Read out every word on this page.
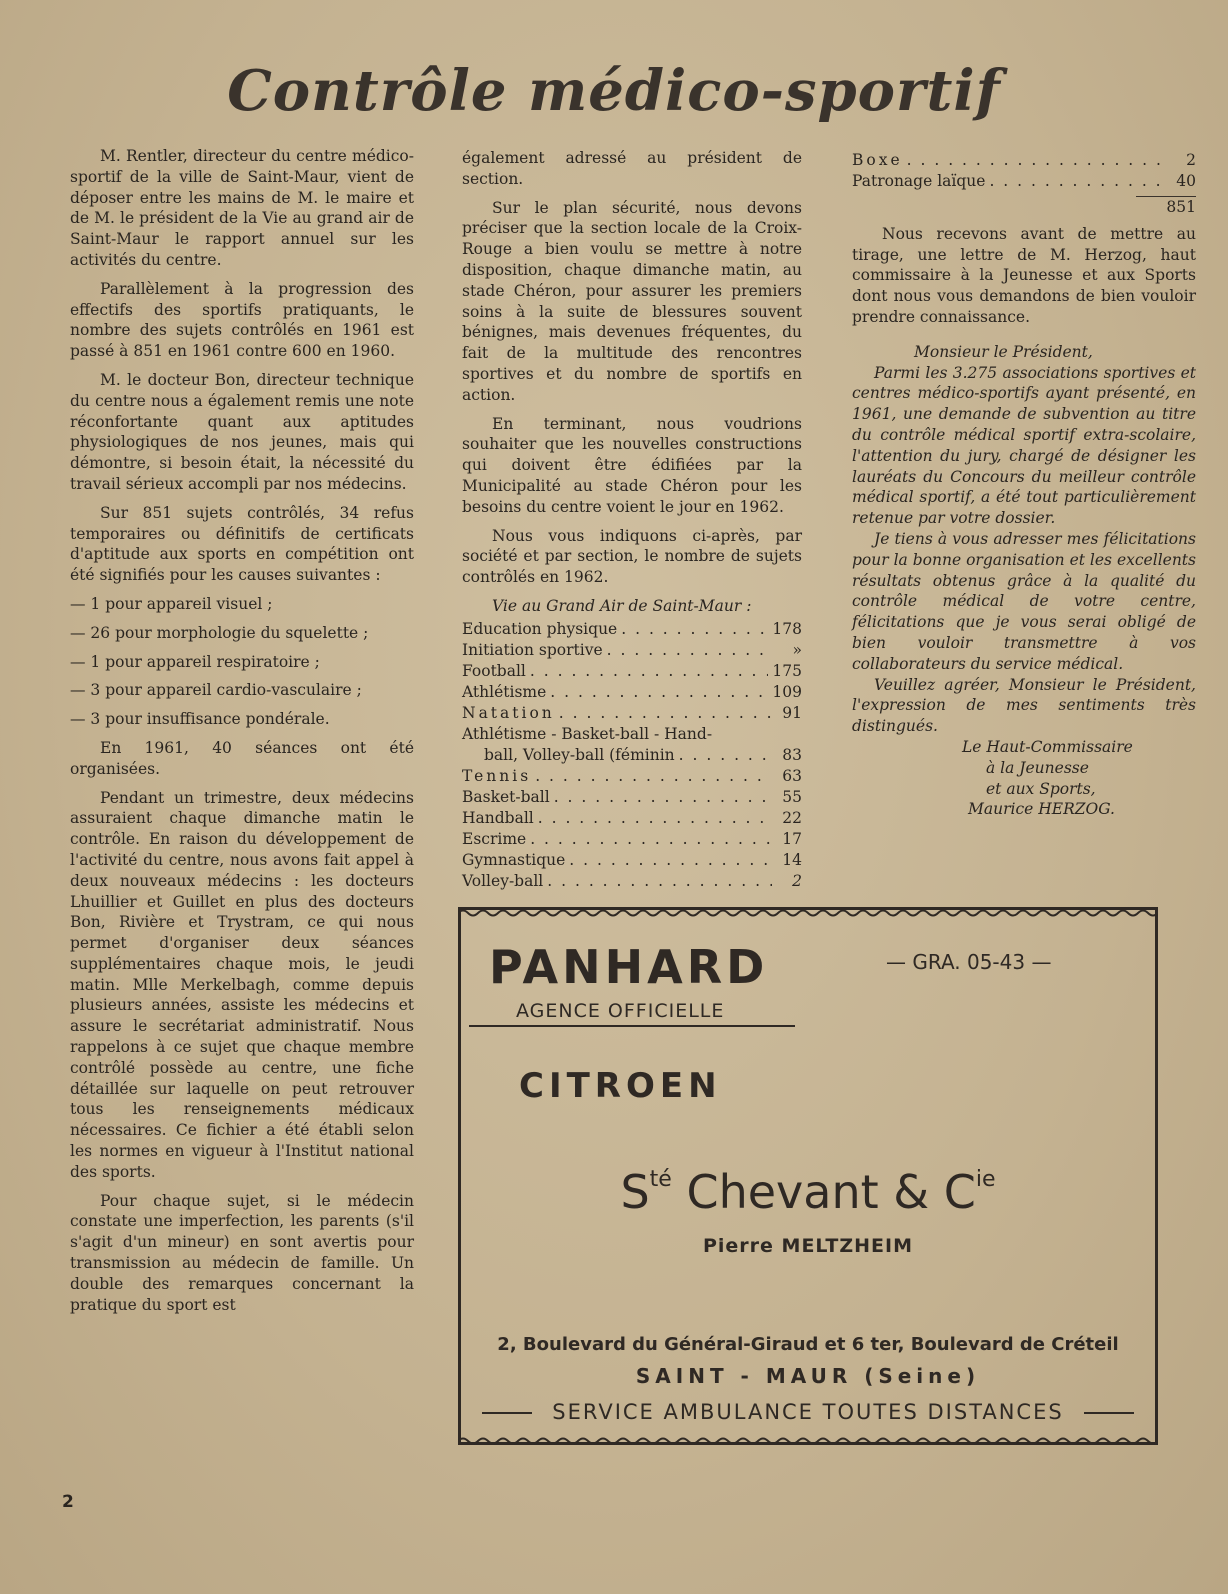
Contrôle médico-sportif

M. Rentler, directeur du centre médico-sportif de la ville de Saint-Maur, vient de déposer entre les mains de M. le maire et de M. le président de la Vie au grand air de Saint-Maur le rapport annuel sur les activités du centre.

Parallèlement à la progression des effectifs des sportifs pratiquants, le nombre des sujets contrôlés en 1961 est passé à 851 en 1961 contre 600 en 1960.

M. le docteur Bon, directeur technique du centre nous a également remis une note réconfortante quant aux aptitudes physiologiques de nos jeunes, mais qui démontre, si besoin était, la nécessité du travail sérieux accompli par nos médecins.

Sur 851 sujets contrôlés, 34 refus temporaires ou définitifs de certificats d'aptitude aux sports en compétition ont été signifiés pour les causes suivantes :

— 1 pour appareil visuel ;

— 26 pour morphologie du squelette ;

— 1 pour appareil respiratoire ;

— 3 pour appareil cardio-vasculaire ;

— 3 pour insuffisance pondérale.

En 1961, 40 séances ont été organisées.

Pendant un trimestre, deux médecins assuraient chaque dimanche matin le contrôle. En raison du développement de l'activité du centre, nous avons fait appel à deux nouveaux médecins : les docteurs Lhuillier et Guillet en plus des docteurs Bon, Rivière et Trystram, ce qui nous permet d'organiser deux séances supplémentaires chaque mois, le jeudi matin. Mlle Merkelbagh, comme depuis plusieurs années, assiste les médecins et assure le secrétariat administratif. Nous rappelons à ce sujet que chaque membre contrôlé possède au centre, une fiche détaillée sur laquelle on peut retrouver tous les renseignements médicaux nécessaires. Ce fichier a été établi selon les normes en vigueur à l'Institut national des sports.

Pour chaque sujet, si le médecin constate une imperfection, les parents (s'il s'agit d'un mineur) en sont avertis pour transmission au médecin de famille. Un double des remarques concernant la pratique du sport est

également adressé au président de section.

Sur le plan sécurité, nous devons préciser que la section locale de la Croix-Rouge a bien voulu se mettre à notre disposition, chaque dimanche matin, au stade Chéron, pour assurer les premiers soins à la suite de blessures souvent bénignes, mais devenues fréquentes, du fait de la multitude des rencontres sportives et du nombre de sportifs en action.

En terminant, nous voudrions souhaiter que les nouvelles constructions qui doivent être édifiées par la Municipalité au stade Chéron pour les besoins du centre voient le jour en 1962.

Nous vous indiquons ci-après, par société et par section, le nombre de sujets contrôlés en 1962.

Vie au Grand Air de Saint-Maur :

Education physique . . .	178
Initiation sportive . . .	»
Football . . .	175
Athlétisme . . .	109
Natation . . .	91
Athlétisme - Basket-ball - Hand-
ball, Volley-ball (féminin . . .	83
Tennis . . .	63
Basket-ball . . .	55
Handball . . .	22
Escrime . . .	17
Gymnastique . . .	14
Volley-ball . . .	2
Boxe . . .	2
Patronage laïque . . .	40
851

Nous recevons avant de mettre au tirage, une lettre de M. Herzog, haut commissaire à la Jeunesse et aux Sports dont nous vous demandons de bien vouloir prendre connaissance.

Monsieur le Président,

Parmi les 3.275 associations sportives et centres médico-sportifs ayant présenté, en 1961, une demande de subvention au titre du contrôle médical sportif extra-scolaire, l'attention du jury, chargé de désigner les lauréats du Concours du meilleur contrôle médical sportif, a été tout particulièrement retenue par votre dossier.

Je tiens à vous adresser mes félicitations pour la bonne organisation et les excellents résultats obtenus grâce à la qualité du contrôle médical de votre centre, félicitations que je vous serai obligé de bien vouloir transmettre à vos collaborateurs du service médical.

Veuillez agréer, Monsieur le Président, l'expression de mes sentiments très distingués.

Le Haut-Commissaire
à la Jeunesse
et aux Sports,
Maurice HERZOG.
PANHARD
AGENCE OFFICIELLE
— GRA. 05-43 —
CITROEN
$S^{té}$ Chevant & $C^{ie}$
Pierre MELTZHEIM
2, Boulevard du Général-Giraud et 6 ter, Boulevard de Créteil
SAINT - MAUR (Seine)
SERVICE AMBULANCE TOUTES DISTANCES
2
